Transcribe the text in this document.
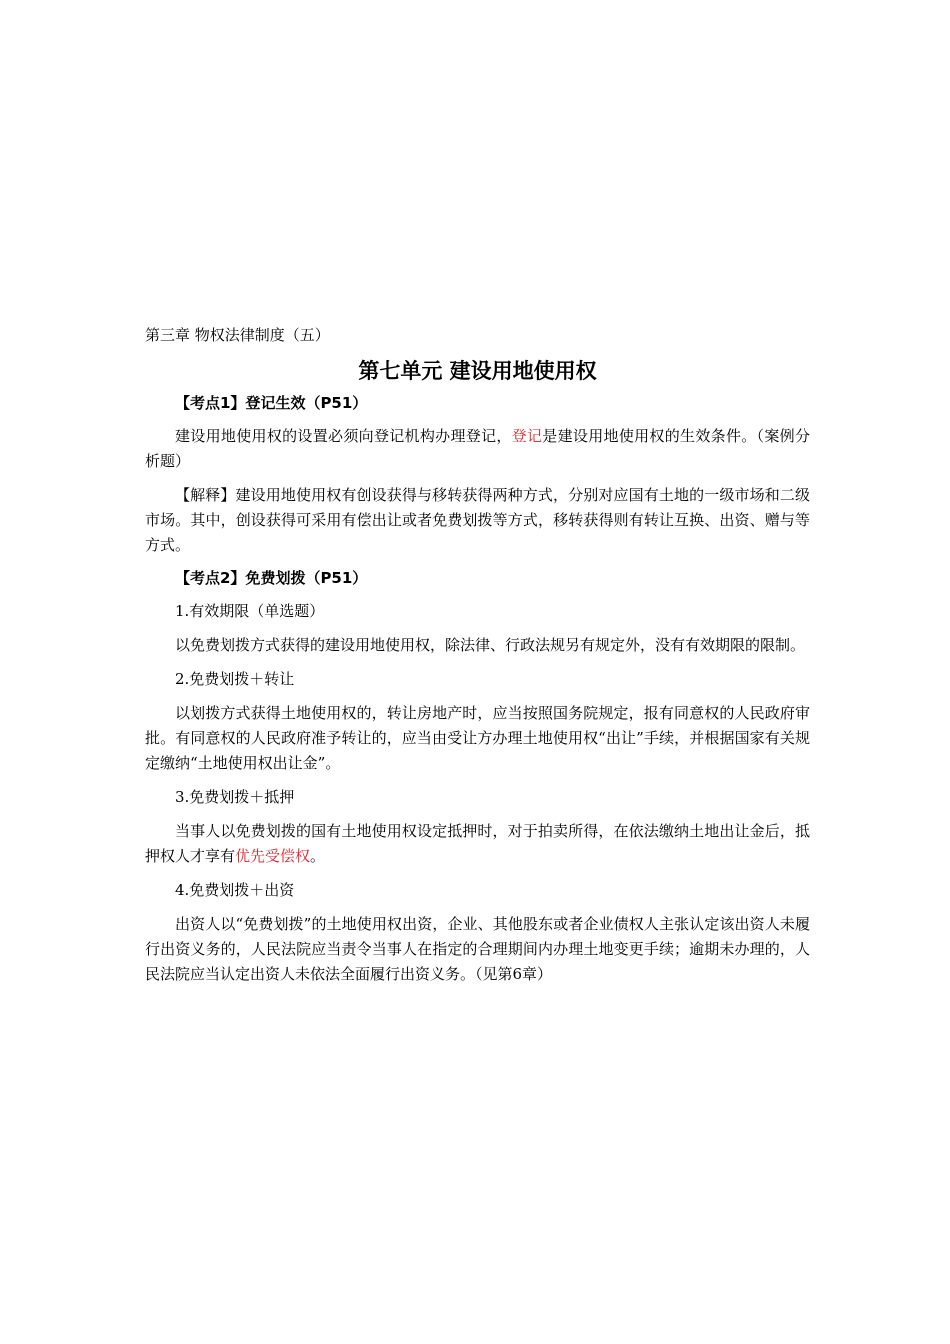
第三章 物权法律制度（五）
第七单元 建设用地使用权
【考点1】登记生效（P51）

建设用地使用权的设置必须向登记机构办理登记，登记是建设用地使用权的生效条件。（案例分析题）

【解释】建设用地使用权有创设获得与移转获得两种方式，分别对应国有土地的一级市场和二级市场。其中，创设获得可采用有偿出让或者免费划拨等方式，移转获得则有转让互换、出资、赠与等方式。

【考点2】免费划拨（P51）

1.有效期限（单选题）

以免费划拨方式获得的建设用地使用权，除法律、行政法规另有规定外，没有有效期限的限制。

2.免费划拨＋转让

以划拨方式获得土地使用权的，转让房地产时，应当按照国务院规定，报有同意权的人民政府审批。有同意权的人民政府准予转让的，应当由受让方办理土地使用权“出让”手续，并根据国家有关规定缴纳“土地使用权出让金”。

3.免费划拨＋抵押

当事人以免费划拨的国有土地使用权设定抵押时，对于拍卖所得，在依法缴纳土地出让金后，抵押权人才享有优先受偿权。

4.免费划拨＋出资

出资人以“免费划拨”的土地使用权出资，企业、其他股东或者企业债权人主张认定该出资人未履行出资义务的，人民法院应当责令当事人在指定的合理期间内办理土地变更手续；逾期未办理的，人民法院应当认定出资人未依法全面履行出资义务。（见第6章）
